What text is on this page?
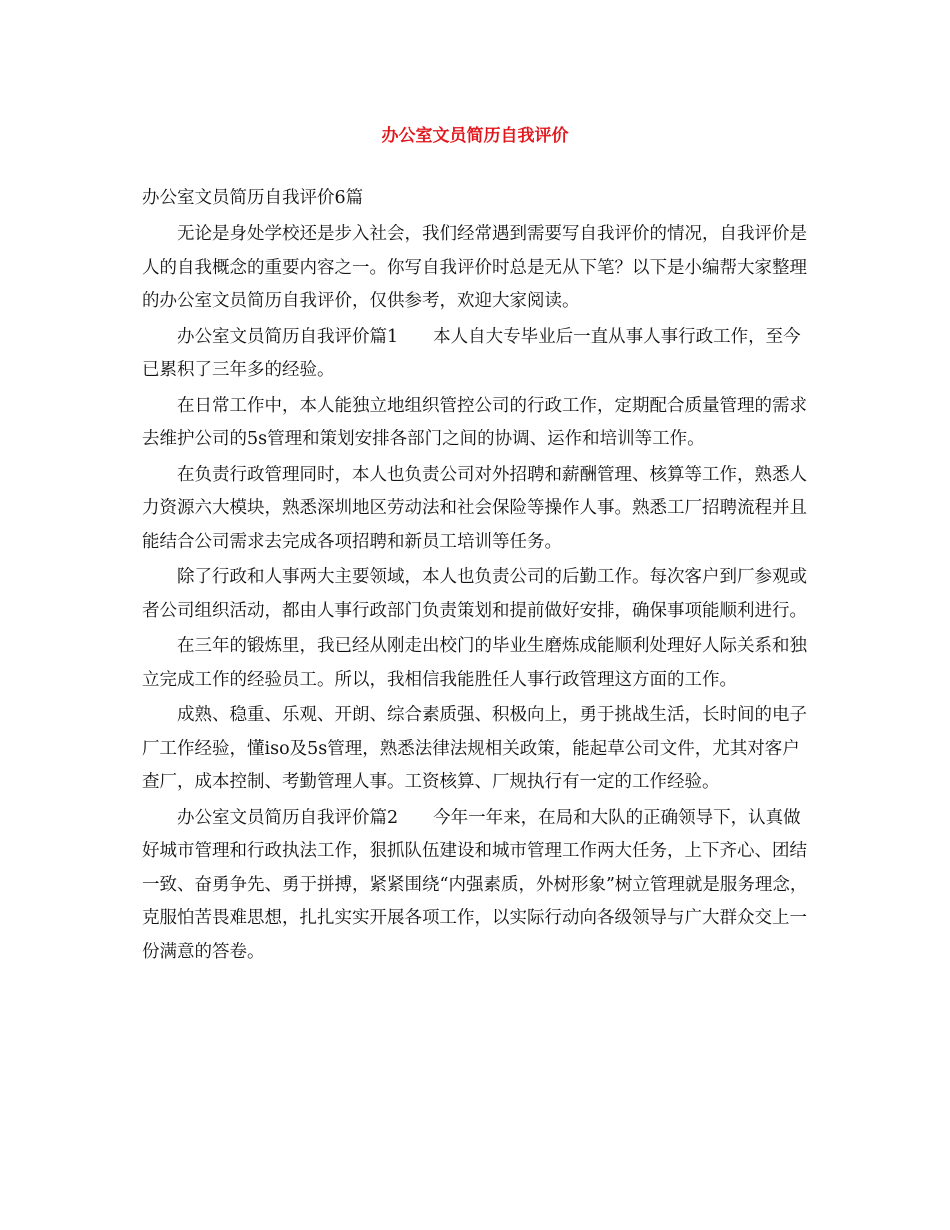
办公室文员简历自我评价

办公室文员简历自我评价6篇

无论是身处学校还是步入社会，我们经常遇到需要写自我评价的情况，自我评价是人的自我概念的重要内容之一。你写自我评价时总是无从下笔？以下是小编帮大家整理的办公室文员简历自我评价，仅供参考，欢迎大家阅读。

办公室文员简历自我评价篇1　　本人自大专毕业后一直从事人事行政工作，至今已累积了三年多的经验。

在日常工作中，本人能独立地组织管控公司的行政工作，定期配合质量管理的需求去维护公司的5s管理和策划安排各部门之间的协调、运作和培训等工作。

在负责行政管理同时，本人也负责公司对外招聘和薪酬管理、核算等工作，熟悉人力资源六大模块，熟悉深圳地区劳动法和社会保险等操作人事。熟悉工厂招聘流程并且能结合公司需求去完成各项招聘和新员工培训等任务。

除了行政和人事两大主要领域，本人也负责公司的后勤工作。每次客户到厂参观或者公司组织活动，都由人事行政部门负责策划和提前做好安排，确保事项能顺利进行。

在三年的锻炼里，我已经从刚走出校门的毕业生磨炼成能顺利处理好人际关系和独立完成工作的经验员工。所以，我相信我能胜任人事行政管理这方面的工作。

成熟、稳重、乐观、开朗、综合素质强、积极向上，勇于挑战生活，长时间的电子厂工作经验，懂iso及5s管理，熟悉法律法规相关政策，能起草公司文件，尤其对客户查厂，成本控制、考勤管理人事。工资核算、厂规执行有一定的工作经验。

办公室文员简历自我评价篇2　　今年一年来，在局和大队的正确领导下，认真做好城市管理和行政执法工作，狠抓队伍建设和城市管理工作两大任务，上下齐心、团结一致、奋勇争先、勇于拼搏，紧紧围绕“内强素质，外树形象”树立管理就是服务理念，克服怕苦畏难思想，扎扎实实开展各项工作，以实际行动向各级领导与广大群众交上一份满意的答卷。
